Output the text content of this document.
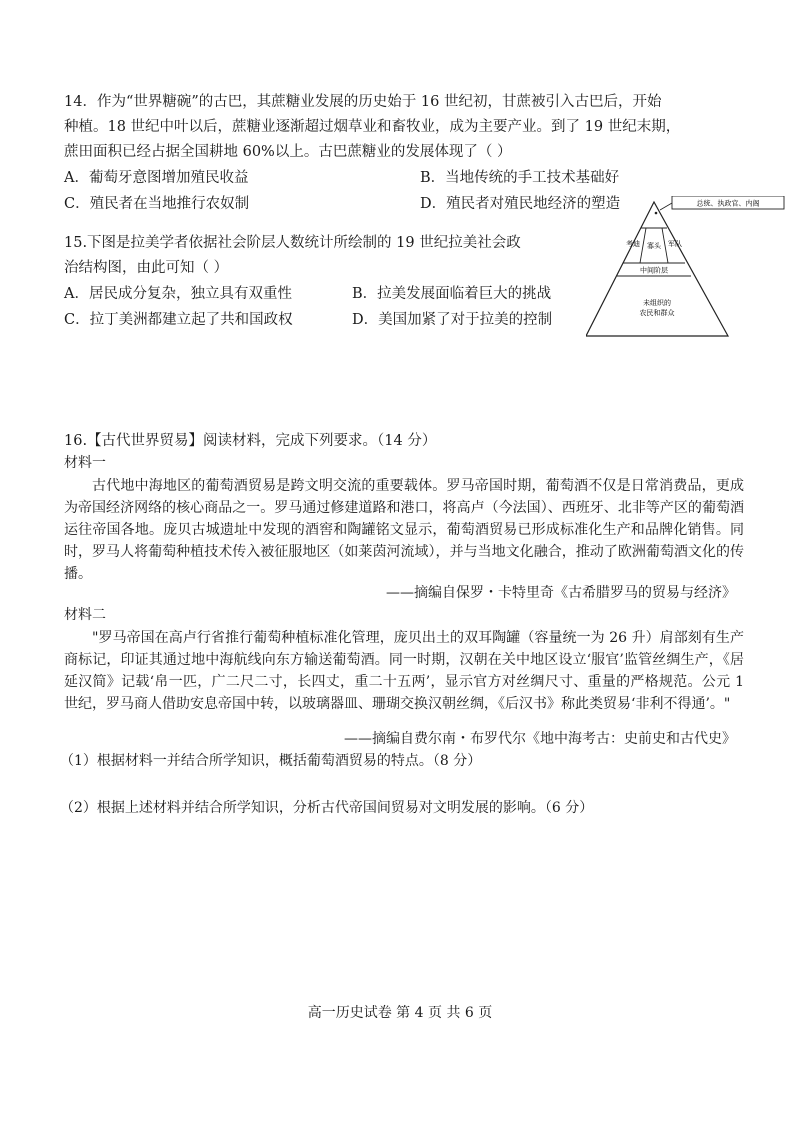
14．作为“世界糖碗”的古巴，其蔗糖业发展的历史始于 16 世纪初，甘蔗被引入古巴后，开始
种植。18 世纪中叶以后，蔗糖业逐渐超过烟草业和畜牧业，成为主要产业。到了 19 世纪末期，
蔗田面积已经占据全国耕地 60%以上。古巴蔗糖业的发展体现了（ ）
A．葡萄牙意图增加殖民收益	B．当地传统的手工技术基础好
C．殖民者在当地推行农奴制	D．殖民者对殖民地经济的塑造
15.下图是拉美学者依据社会阶层人数统计所绘制的 19 世纪拉美社会政
治结构图，由此可知（ ）
A．居民成分复杂，独立具有双重性	B．拉美发展面临着巨大的挑战
C．拉丁美洲都建立起了共和国政权	D．美国加紧了对于拉美的控制
总统、执政官、内阁
考迪 寡头 军队
中间阶层
未组织的
农民和群众
16.【古代世界贸易】阅读材料，完成下列要求。（14 分）
材料一
古代地中海地区的葡萄酒贸易是跨文明交流的重要载体。罗马帝国时期，葡萄酒不仅是日常消费品，更成为帝国经济网络的核心商品之一。罗马通过修建道路和港口，将高卢（今法国）、西班牙、北非等产区的葡萄酒运往帝国各地。庞贝古城遗址中发现的酒窖和陶罐铭文显示，葡萄酒贸易已形成标准化生产和品牌化销售。同时，罗马人将葡萄种植技术传入被征服地区（如莱茵河流域），并与当地文化融合，推动了欧洲葡萄酒文化的传播。
——摘编自保罗・卡特里奇《古希腊罗马的贸易与经济》
材料二
"罗马帝国在高卢行省推行葡萄种植标准化管理，庞贝出土的双耳陶罐（容量统一为 26 升）肩部刻有生产商标记，印证其通过地中海航线向东方输送葡萄酒。同一时期，汉朝在关中地区设立‘服官’监管丝绸生产，《居延汉简》记载‘帛一匹，广二尺二寸，长四丈，重二十五两’，显示官方对丝绸尺寸、重量的严格规范。公元 1 世纪，罗马商人借助安息帝国中转，以玻璃器皿、珊瑚交换汉朝丝绸，《后汉书》称此类贸易‘非利不得通’。"
——摘编自费尔南・布罗代尔《地中海考古：史前史和古代史》
（1）根据材料一并结合所学知识，概括葡萄酒贸易的特点。（8 分）
（2）根据上述材料并结合所学知识，分析古代帝国间贸易对文明发展的影响。（6 分）
高一历史试卷 第 4 页 共 6 页
